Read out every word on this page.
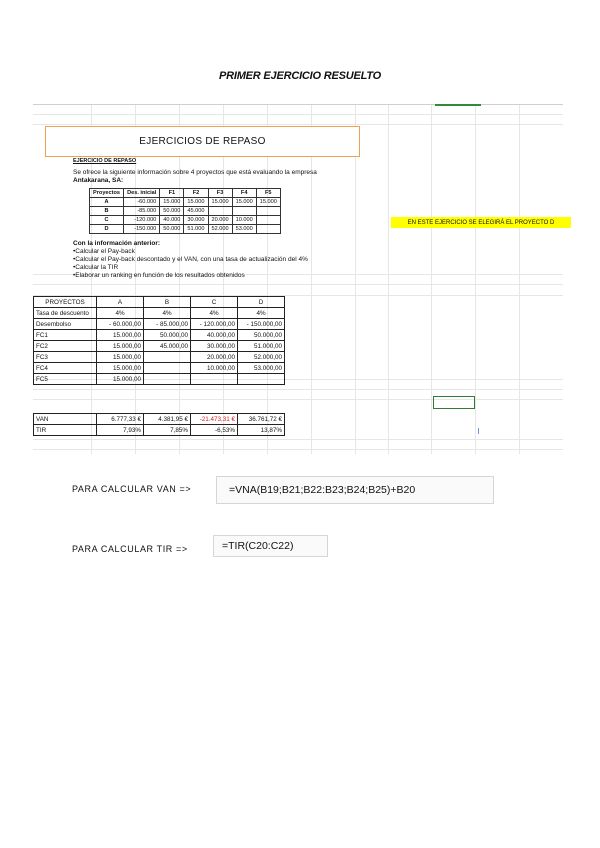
PRIMER EJERCICIO RESUELTO
EJERCICIOS DE REPASO
EJERCICIO DE REPASO
Se ofrece la siguiente información sobre 4 proyectos que está evaluando la empresa
Antakarana, SA:
Proyectos	Des. inicial	F1	F2	F3	F4	F5
A	-60.000	15.000	15.000	15.000	15.000	15.000
B	-85.000	50.000	45.000			
C	-120.000	40.000	30.000	20.000	10.000	
D	-150.000	50.000	51.000	52.000	53.000	
Con la información anterior:
•Calcular el Pay-back
•Calcular el Pay-back descontado y el VAN, con una tasa de actualización del 4%
•Calcular la TIR
•Elaborar un ranking en función de los resultados obtenidos
EN ESTE EJERCICIO SE ELEGIRÁ EL PROYECTO D
PROYECTOS	A	B	C	D
Tasa de descuento	4%	4%	4%	4%
Desembolso	- 60.000,00	- 85.000,00	- 120.000,00	- 150.000,00
FC1	15.000,00	50.000,00	40.000,00	50.000,00
FC2	15.000,00	45.000,00	30.000,00	51.000,00
FC3	15.000,00		20.000,00	52.000,00
FC4	15.000,00		10.000,00	53.000,00
FC5	15.000,00			

VAN	6.777,33 €	4.381,95 €	-21.473,31 €	36.761,72 €
TIR	7,93%	7,85%	-6,53%	13,87%
PARA CALCULAR VAN =>	=VNA(B19;B21;B22:B23;B24;B25)+B20
PARA CALCULAR TIR =>	=TIR(C20:C22)
